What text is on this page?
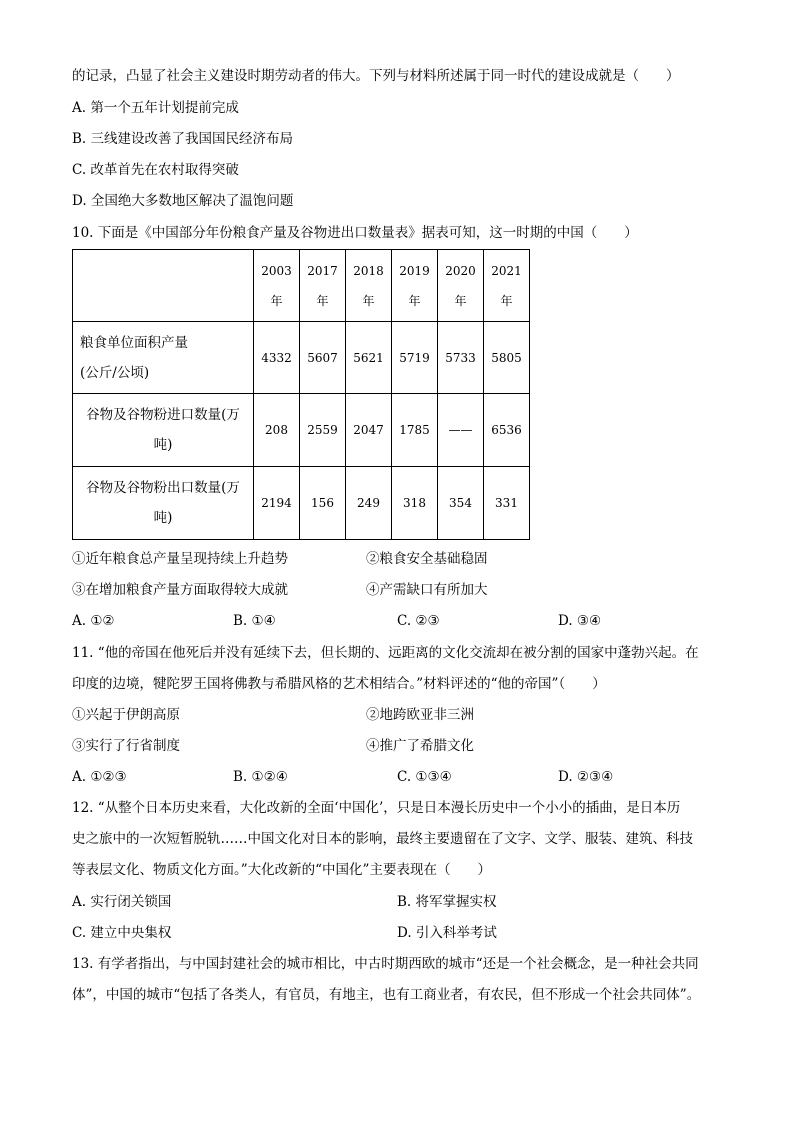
的记录，凸显了社会主义建设时期劳动者的伟大。下列与材料所述属于同一时代的建设成就是（　　）
A. 第一个五年计划提前完成
B. 三线建设改善了我国国民经济布局
C. 改革首先在农村取得突破
D. 全国绝大多数地区解决了温饱问题
10. 下面是《中国部分年份粮食产量及谷物进出口数量表》据表可知，这一时期的中国（　　）

	2003
年	2017
年	2018
年	2019
年	2020
年	2021
年

粮食单位面积产量
(公斤/公顷)	4332	5607	5621	5719	5733	5805

谷物及谷物粉进口数量(万
吨)	208	2559	2047	1785	——	6536

谷物及谷物粉出口数量(万
吨)	2194	156	249	318	354	331
①近年粮食总产量呈现持续上升趋势	②粮食安全基础稳固
③在增加粮食产量方面取得较大成就	④产需缺口有所加大
A. ①②	B. ①④	C. ②③	D. ③④
11. “他的帝国在他死后并没有延续下去，但长期的、远距离的文化交流却在被分割的国家中蓬勃兴起。在
印度的边境，犍陀罗王国将佛教与希腊风格的艺术相结合。”材料评述的“他的帝国”（　　）
①兴起于伊朗高原	②地跨欧亚非三洲
③实行了行省制度	④推广了希腊文化
A. ①②③	B. ①②④	C. ①③④	D. ②③④
12. “从整个日本历史来看，大化改新的全面‘中国化’，只是日本漫长历史中一个小小的插曲，是日本历
史之旅中的一次短暂脱轨……中国文化对日本的影响，最终主要遗留在了文字、文学、服装、建筑、科技
等表层文化、物质文化方面。”大化改新的“中国化”主要表现在（　　）
A. 实行闭关锁国	B. 将军掌握实权
C. 建立中央集权	D. 引入科举考试
13. 有学者指出，与中国封建社会的城市相比，中古时期西欧的城市“还是一个社会概念，是一种社会共同
体”，中国的城市“包括了各类人，有官员，有地主，也有工商业者，有农民，但不形成一个社会共同体”。
